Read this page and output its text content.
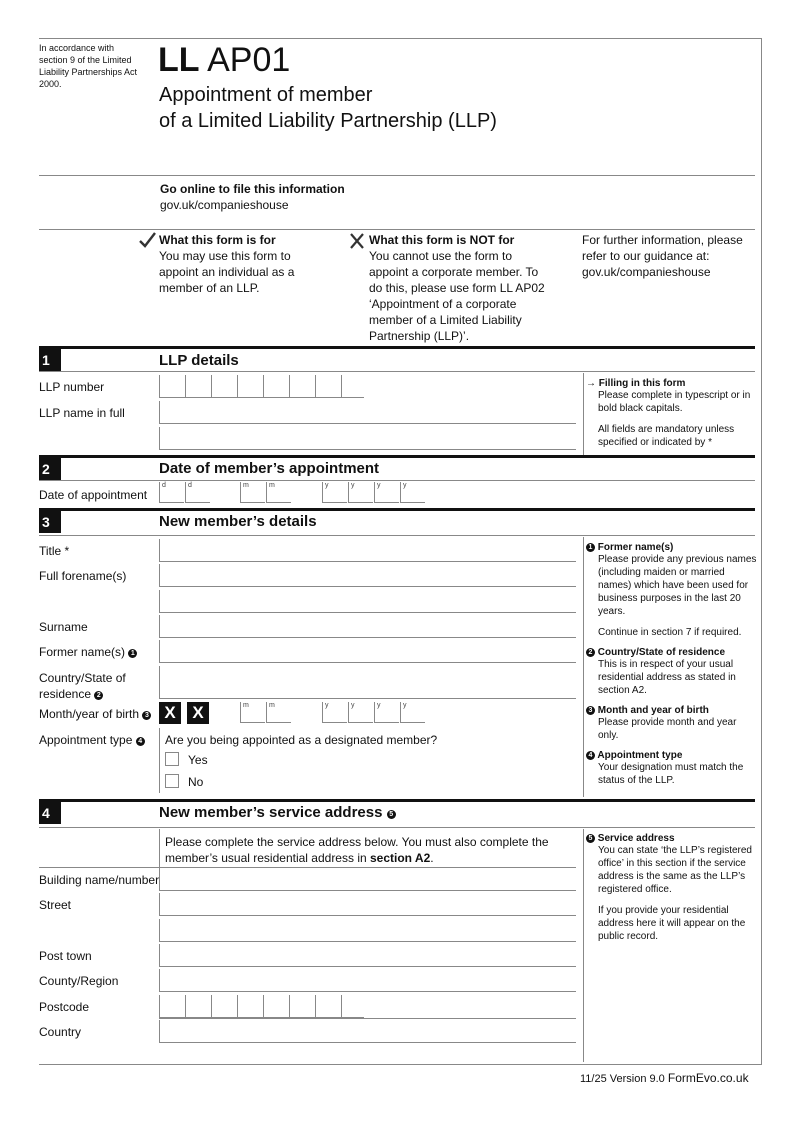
In accordance with section 9 of the Limited Liability Partnerships Act 2000.
LL AP01
Appointment of member
of a Limited Liability Partnership (LLP)
Go online to file this information
gov.uk/companieshouse
What this form is for
You may use this form to appoint an individual as a member of an LLP.
What this form is NOT for
You cannot use the form to appoint a corporate member. To do this, please use form LL AP02 ‘Appointment of a corporate member of a Limited Liability Partnership (LLP)’.
For further information, please refer to our guidance at:
gov.uk/companieshouse
1	LLP details
LLP number
LLP name in full
→ Filling in this form

Please complete in typescript or in bold black capitals.

All fields are mandatory unless specified or indicated by *

2	Date of member’s appointment
Date of appointment
d	d	m	m	y	y	y	y
3	New member’s details
Title *
Full forename(s)
Surname
Former name(s) 1
Country/State of residence 2
Month/year of birth 3 X X	m	m	y	y	y	y
Appointment type 4 Are you being appointed as a designated member?
Yes
No
1 Former name(s)

Please provide any previous names (including maiden or married names) which have been used for business purposes in the last 20 years.

Continue in section 7 if required.

2 Country/State of residence

This is in respect of your usual residential address as stated in section A2.

3 Month and year of birth

Please provide month and year only.

4 Appointment type

Your designation must match the status of the LLP.

4	New member’s service address 5
Please complete the service address below. You must also complete the member’s usual residential address in section A2.
Building name/number
Street
Post town
County/Region
Postcode
Country
5 Service address

You can state ‘the LLP’s registered office’ in this section if the service address is the same as the LLP’s registered office.

If you provide your residential address here it will appear on the public record.

11/25 Version 9.0 FormEvo.co.uk
